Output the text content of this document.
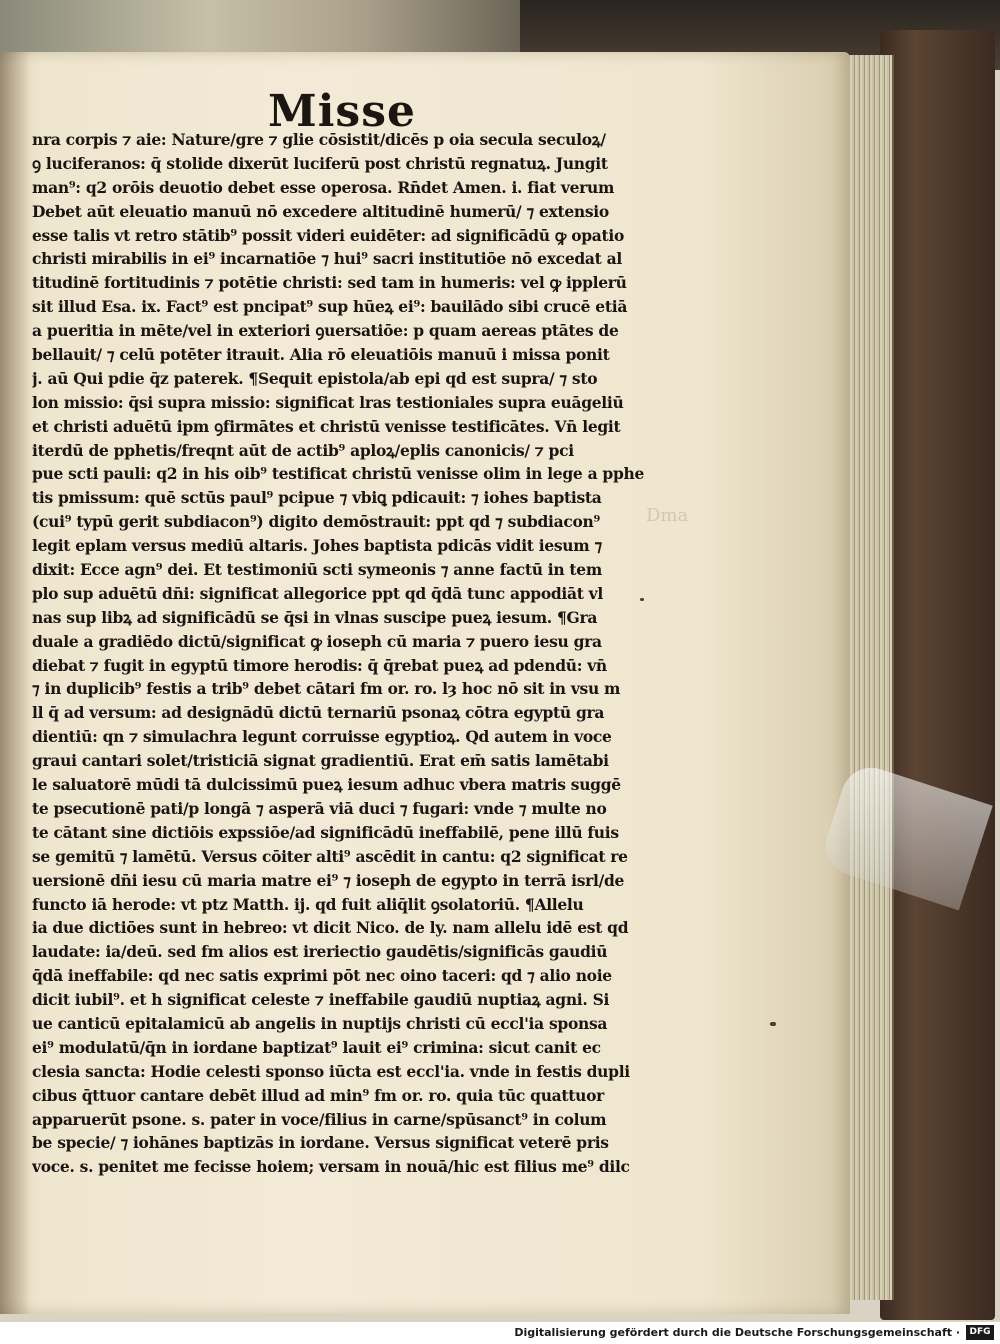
Misse
Dma
nra corpis ⁊ aie: Nature/gre ⁊ glie cōsistit/dicēs p oia secula seculoꝝ/
ꝯ luciferanos: q̄ stolide dixerūt luciferū post christū regnatuꝝ. Jungit
man⁹: q2 orōis deuotio debet esse operosa. Rn̄det Amen. i. fiat verum
Debet aūt eleuatio manuū nō excedere altitudinē humerū/ ⁊ extensio
esse talis vt retro stātib⁹ possit videri euidēter: ad significādū ꝙ opatio
christi mirabilis in ei⁹ incarnatiōe ⁊ hui⁹ sacri institutiōe nō excedat al
titudinē fortitudinis ⁊ potētie christi: sed tam in humeris: vel ꝙ ipplerū
sit illud Esa. ix. Fact⁹ est pncipat⁹ sup hūeꝝ ei⁹: bauilādo sibi crucē etiā
a pueritia in mēte/vel in exteriori ꝯuersatiōe: p quam aereas ptātes de
bellauit/ ⁊ celū potēter itrauit. Alia rō eleuatiōis manuū i missa ponit
j. aū Qui pdie q̄z paterek. ¶Sequit epistola/ab epi qd est supra/ ⁊ sto
lon missio: q̄si supra missio: significat lras testioniales supra euāgeliū
et christi aduētū ipm ꝯfirmātes et christū venisse testificātes. Vn̄ legit
iterdū de pphetis/freqnt aūt de actib⁹ aploꝝ/eplis canonicis/ ⁊ pci
pue scti pauli: q2 in his oib⁹ testificat christū venisse olim in lege a pphe
tis pmissum: quē sctūs paul⁹ pcipue ⁊ vbiꝗ pdicauit: ⁊ iohes baptista
(cui⁹ typū gerit subdiacon⁹) digito demōstrauit: ppt qd ⁊ subdiacon⁹
legit eplam versus mediū altaris. Johes baptista pdicās vidit iesum ⁊
dixit: Ecce agn⁹ dei. Et testimoniū scti symeonis ⁊ anne factū in tem
plo sup aduētū dn̄i: significat allegorice ppt qd q̄dā tunc appodiāt vl
nas sup libꝝ ad significādū se q̄si in vlnas suscipe pueꝝ iesum. ¶Gra
duale a gradiēdo dictū/significat ꝙ ioseph cū maria ⁊ puero iesu gra
diebat ⁊ fugit in egyptū timore herodis: q̄ q̄rebat pueꝝ ad pdendū: vn̄
⁊ in duplicib⁹ festis a trib⁹ debet cātari fm or. ro. lȝ hoc nō sit in vsu m
ll q̄ ad versum: ad designādū dictū ternariū psonaꝝ cōtra egyptū gra
dientiū: qn ⁊ simulachra legunt corruisse egyptioꝝ. Qd autem in voce
graui cantari solet/tristiciā signat gradientiū. Erat em̄ satis lamētabi
le saluatorē mūdi tā dulcissimū pueꝝ iesum adhuc vbera matris suggē
te psecutionē pati/p longā ⁊ asperā viā duci ⁊ fugari: vnde ⁊ multe no
te cātant sine dictiōis expssiōe/ad significādū ineffabilē, pene illū fuis
se gemitū ⁊ lamētū. Versus cōiter alti⁹ ascēdit in cantu: q2 significat re
uersionē dn̄i iesu cū maria matre ei⁹ ⁊ ioseph de egypto in terrā isrl/de
functo iā herode: vt ptz Matth. ij. qd fuit aliq̄lit ꝯsolatoriū. ¶Allelu
ia due dictiōes sunt in hebreo: vt dicit Nico. de ly. nam allelu idē est qd
laudate: ia/deū. sed fm alios est ireriectio gaudētis/significās gaudiū
q̄dā ineffabile: qd nec satis exprimi pōt nec oino taceri: qd ⁊ alio noie
dicit iubil⁹. et h significat celeste ⁊ ineffabile gaudiū nuptiaꝝ agni. Si
ue canticū epitalamicū ab angelis in nuptijs christi cū eccl'ia sponsa
ei⁹ modulatū/q̄n in iordane baptizat⁹ lauit ei⁹ crimina: sicut canit ec
clesia sancta: Hodie celesti sponso iūcta est eccl'ia. vnde in festis dupli
cibus q̄ttuor cantare debēt illud ad min⁹ fm or. ro. quia tūc quattuor
apparuerūt psone. s. pater in voce/filius in carne/spūsanct⁹ in colum
be specie/ ⁊ iohānes baptizās in iordane. Versus significat veterē pris
voce. s. penitet me fecisse hoiem; versam in nouā/hic est filius me⁹ dilc
Digitalisierung gefördert durch die Deutsche Forschungsgemeinschaft ·	DFG
